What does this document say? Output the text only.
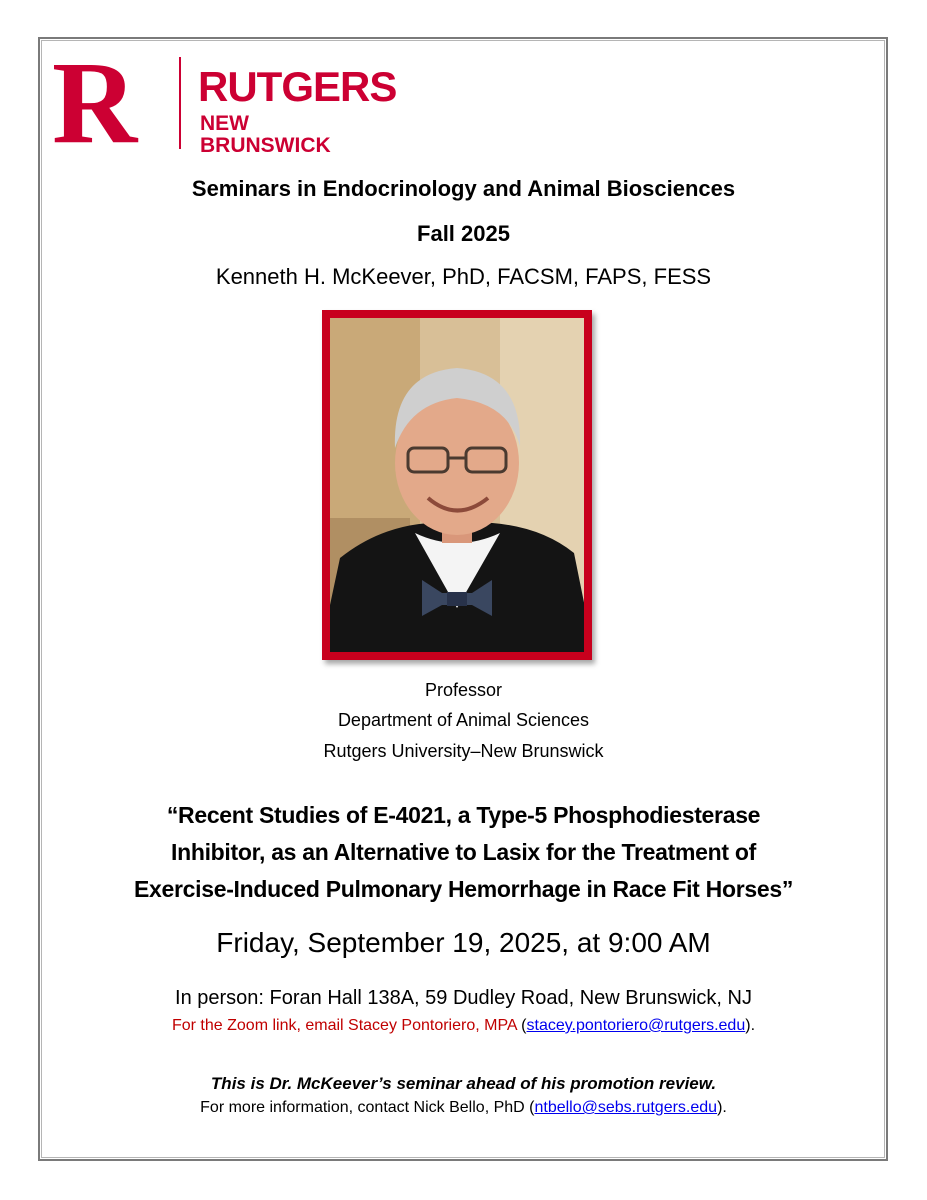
R	RUTGERS
NEW BRUNSWICK
Seminars in Endocrinology and Animal Biosciences
Fall 2025
Kenneth H. McKeever, PhD, FACSM, FAPS, FESS
Professor
Department of Animal Sciences
Rutgers University–New Brunswick
“Recent Studies of E-4021, a Type-5 Phosphodiesterase
Inhibitor, as an Alternative to Lasix for the Treatment of
Exercise-Induced Pulmonary Hemorrhage in Race Fit Horses”
Friday, September 19, 2025, at 9:00 AM
In person: Foran Hall 138A, 59 Dudley Road, New Brunswick, NJ
For the Zoom link, email Stacey Pontoriero, MPA (stacey.pontoriero@rutgers.edu).
This is Dr. McKeever’s seminar ahead of his promotion review.
For more information, contact Nick Bello, PhD (ntbello@sebs.rutgers.edu).
